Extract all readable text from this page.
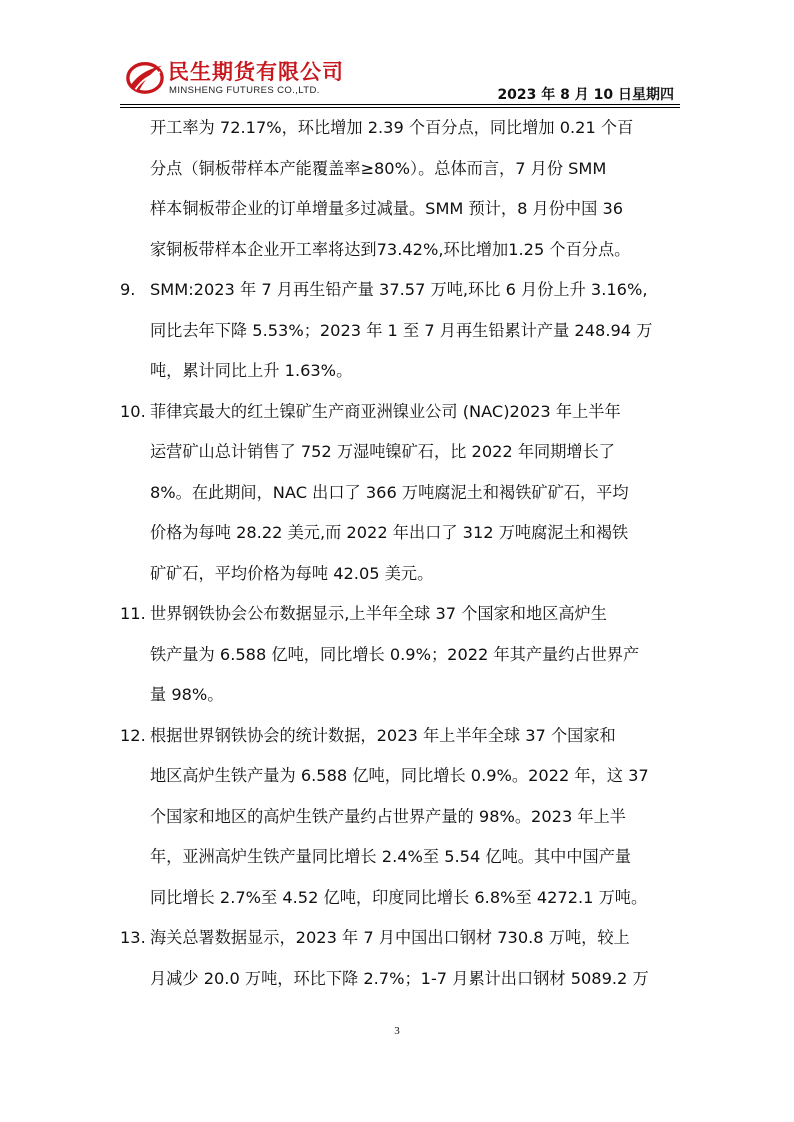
民生期货有限公司
MINSHENG FUTURES CO.,LTD.	2023 年 8 月 10 日星期四
开工率为 72.17%，环比增加 2.39 个百分点，同比增加 0.21 个百
分点（铜板带样本产能覆盖率≥80%）。总体而言，7 月份 SMM
样本铜板带企业的订单增量多过减量。SMM 预计，8 月份中国 36
家铜板带样本企业开工率将达到73.42%,环比增加1.25 个百分点。
9. SMM:2023 年 7 月再生铅产量 37.57 万吨,环比 6 月份上升 3.16%,
同比去年下降 5.53%；2023 年 1 至 7 月再生铅累计产量 248.94 万
吨，累计同比上升 1.63%。
10. 菲律宾最大的红土镍矿生产商亚洲镍业公司 (NAC)2023 年上半年
运营矿山总计销售了 752 万湿吨镍矿石，比 2022 年同期增长了
8%。在此期间，NAC 出口了 366 万吨腐泥土和褐铁矿矿石，平均
价格为每吨 28.22 美元,而 2022 年出口了 312 万吨腐泥土和褐铁
矿矿石，平均价格为每吨 42.05 美元。
11. 世界钢铁协会公布数据显示,上半年全球 37 个国家和地区高炉生
铁产量为 6.588 亿吨，同比增长 0.9%；2022 年其产量约占世界产
量 98%。
12. 根据世界钢铁协会的统计数据，2023 年上半年全球 37 个国家和
地区高炉生铁产量为 6.588 亿吨，同比增长 0.9%。2022 年，这 37
个国家和地区的高炉生铁产量约占世界产量的 98%。2023 年上半
年，亚洲高炉生铁产量同比增长 2.4%至 5.54 亿吨。其中中国产量
同比增长 2.7%至 4.52 亿吨，印度同比增长 6.8%至 4272.1 万吨。
13. 海关总署数据显示，2023 年 7 月中国出口钢材 730.8 万吨，较上
月减少 20.0 万吨，环比下降 2.7%；1-7 月累计出口钢材 5089.2 万
3
